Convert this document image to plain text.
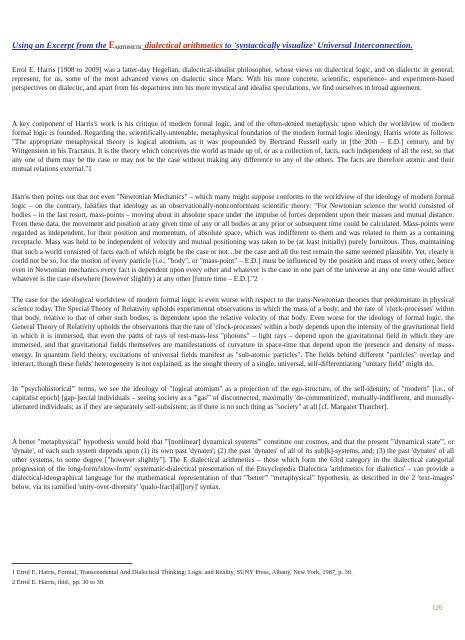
Using an Excerpt from the EARITHMETIC dialectical arithmetics to 'syntactically visualize' Universal Interconnection.

Errol E. Harris [1908 to 2009] was a latter-day Hegelian, dialectical-idealist philosopher, whose views on dialectical logic, and on dialectic in general, represent, for us, some of the most advanced views on dialectic since Marx. With his more concrete, scientific, experience- and experiment-based perspectives on dialectic, and apart from his departures into his more mystical and idealist speculations, we find ourselves in broad agreement.

A key component of Harris's work is his critique of modern formal logic, and of the often-denied metaphysic upon which the worldview of modern formal logic is founded. Regarding the, scientifically-untenable, metaphysical foundation of the modern formal logic ideology, Harris wrote as follows: "The appropriate metaphysical theory is logical atomism, as it was propounded by Bertrand Russell early in [the 20th – E.D.] century, and by Wittgenstein in his Tractatus. It is the theory which conceives the world as made up of, or as a collection of, facts, each independent of all the rest, so that any one of them may be the case or may not be the case without making any difference to any of the others. The facts are therefore atomic and their mutual relations external."1

Harris then points out that not even "Newtonian Mechanics" – which many might suppose conforms to the worldview of the ideology of modern formal logic – on the contrary, falsifies that ideology as an observationally-nonconformant scientific theory: "For Newtonian science the world consisted of bodies – in the last resort, mass-points – moving about in absolute space under the impulse of forces dependent upon their masses and mutual distance. From these data, the movement and position at any given time of any or all bodies at any prior or subsequent time could be calculated. Mass-points were regarded as independent, for their position and momentum, of absolute space, which was indifferent to them and was related to them as a containing receptacle. Mass was held to be independent of velocity and mutual positioning was taken to be (at least initially) purely fortuitous. Thus, maintaining that such a world consisted of facts each of which might be the case or not…be the case and all the rest remain the same seemed plausible. Yet, clearly it could not be so, for the motion of every particle [i.e., "body", or "mass-point" – E.D.] must be influenced by the position and mass of every other, hence even in Newtonian mechanics every fact is dependent upon every other and whatever is the case in one part of the universe at any one time would affect whatever is the case elsewhere (however slightly) at any other [future time – E.D.]."2

The case for the ideological worldview of modern formal logic is even worse with respect to the trans-Newtonian theories that predominate in physical science today. The Special Theory of Relativity upholds experimental observations in which the mass of a body, and the rate of 'clock-processes' within that body, relative to that of other such bodies, is dependent upon the relative velocity of that body. Even worse for the ideology of formal logic, the General Theory of Relativity upholds the observations that the rate of 'clock-processes' within a body depends upon the intensity of the gravitational field in which it is immersed, that even the paths of rays of rest-mass-less "photons" – light rays – depend upon the gravitational field in which they are immersed, and that gravitational fields themselves are manifestations of curvature in space-time that depend upon the presence and density of mass-energy. In quantum field theory, excitations of universal fields manifest as "sub-atomic particles". The fields behind different "particles" overlap and interact, though these fields' heterogeneity is not explained, as the sought theory of a single, universal, self-differentiating "unitary field" might do.

In '''psychohistorical''' terms, we see the ideology of "logical atomism" as a projection of the ego-structure, of the self-identity, of "modern" [i.e., of capitalist epoch] [gap-]social individuals – seeing society as a '''gas''' of disconnected, maximally 'de-communitized', mutually-indifferent, and mutually-alienated individuals; as if they are separately self-subsistent; as if there is no such thing as "society" at all [cf. Margaret Thatcher].

A better "metaphysical" hypothesis would hold that '''[nonlinear] dynamical systems''' constitute our cosmos, and that the present '''dynamical state''', or 'dynate', of each such system depends upon (1) its own past 'dynates'; (2) the past 'dynates' of all of its sub[k]-systems, and; (3) the past 'dynates' of all other systems, to some degree ["however slightly"]. The E dialectical arithmetics – those which form the 63rd category in the dialectical categorial progression of the long-form/'slow-form' systematic-dialectical presentation of the Encyclopedia Dialectica 'arithmetics for dialectics' – can provide a dialectical-ideographical language for the mathematical representation of that '''better''' "metaphysical" hypothesis, as described in the 2 'text-images' below, via its ramified 'unity-over-diversity' 'qualo-fract[al][ory]' syntax.

1 Errol E. Harris, Formal, Transcendental And Dialectical Thinking: Logic and Reality, SUNY Press, Albany, New York, 1987, p. 30.
2 Errol E. Harris, ibid., pp. 30 to 30.
126
